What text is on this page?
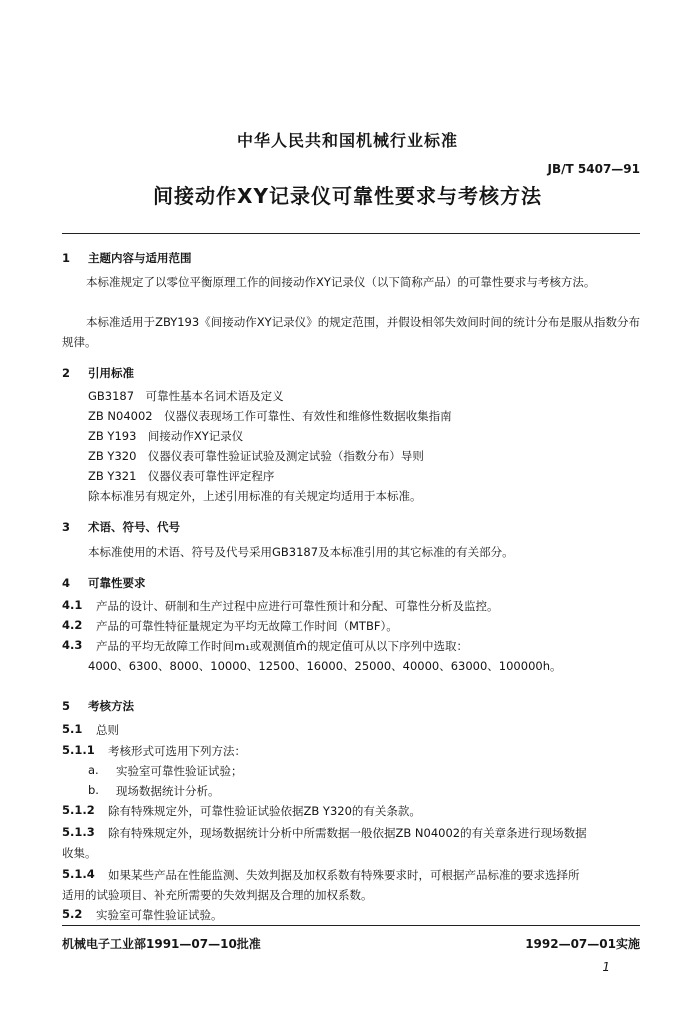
中华人民共和国机械行业标准
JB/T 5407—91
间接动作XY记录仪可靠性要求与考核方法
1 主题内容与适用范围
本标准规定了以零位平衡原理工作的间接动作XY记录仪（以下简称产品）的可靠性要求与考核方法。
本标准适用于ZBY193《间接动作XY记录仪》的规定范围，并假设相邻失效间时间的统计分布是服从指数分布规律。
2 引用标准
GB3187　可靠性基本名词术语及定义
ZB N04002　仪器仪表现场工作可靠性、有效性和维修性数据收集指南
ZB Y193　间接动作XY记录仪
ZB Y320　仪器仪表可靠性验证试验及测定试验（指数分布）导则
ZB Y321　仪器仪表可靠性评定程序
除本标准另有规定外，上述引用标准的有关规定均适用于本标准。
3 术语、符号、代号
本标准使用的术语、符号及代号采用GB3187及本标准引用的其它标准的有关部分。
4 可靠性要求
4.1 产品的设计、研制和生产过程中应进行可靠性预计和分配、可靠性分析及监控。
4.2 产品的可靠性特征量规定为平均无故障工作时间（MTBF）。
4.3 产品的平均无故障工作时间m₁或观测值m̂的规定值可从以下序列中选取：
4000、6300、8000、10000、12500、16000、25000、40000、63000、100000h。
5 考核方法
5.1 总则
5.1.1 考核形式可选用下列方法：
a. 实验室可靠性验证试验；
b. 现场数据统计分析。
5.1.2 除有特殊规定外，可靠性验证试验依据ZB Y320的有关条款。
5.1.3 除有特殊规定外，现场数据统计分析中所需数据一般依据ZB N04002的有关章条进行现场数据
收集。
5.1.4 如果某些产品在性能监测、失效判据及加权系数有特殊要求时，可根据产品标准的要求选择所
适用的试验项目、补充所需要的失效判据及合理的加权系数。
5.2 实验室可靠性验证试验。
机械电子工业部1991—07—10批准	1992—07—01实施
1
